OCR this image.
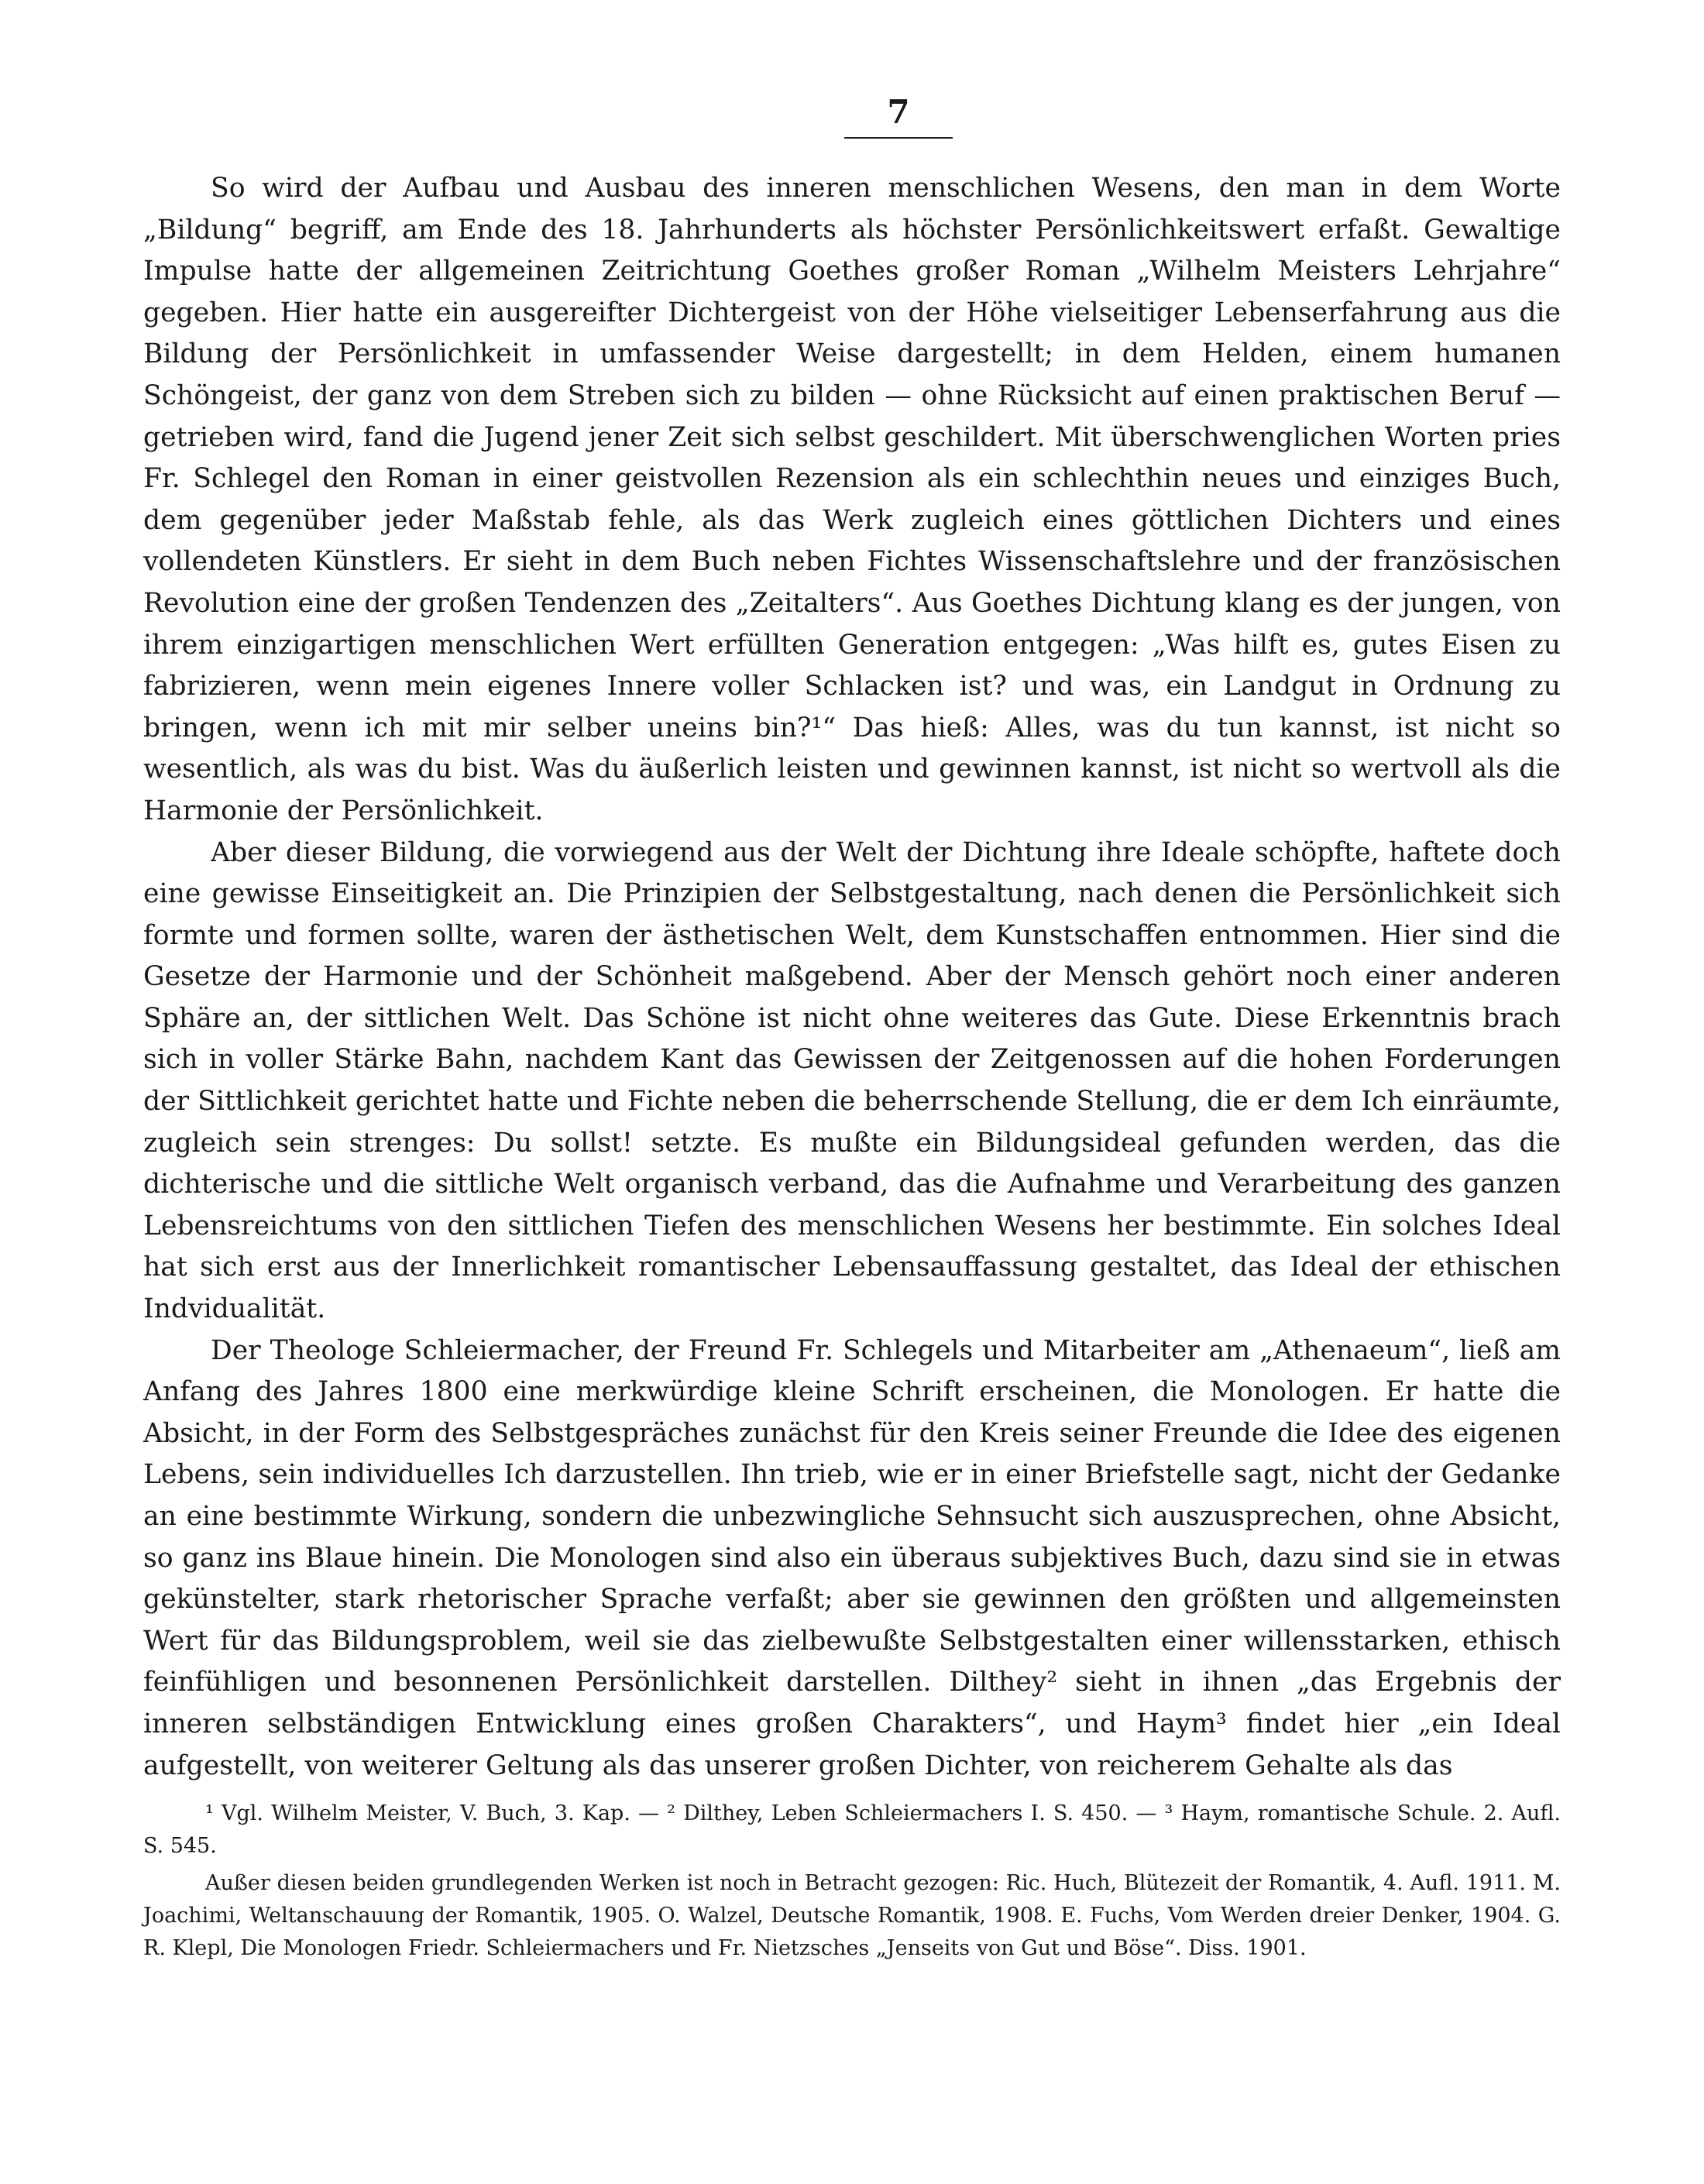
7

So wird der Aufbau und Ausbau des inneren menschlichen Wesens, den man in dem Worte „Bildung“ begriff, am Ende des 18. Jahrhunderts als höchster Persönlichkeitswert erfaßt. Gewaltige Impulse hatte der allgemeinen Zeitrichtung Goethes großer Roman „Wilhelm Meisters Lehrjahre“ gegeben. Hier hatte ein ausgereifter Dichtergeist von der Höhe vielseitiger Lebenserfahrung aus die Bildung der Persönlichkeit in umfassender Weise dargestellt; in dem Helden, einem humanen Schöngeist, der ganz von dem Streben sich zu bilden — ohne Rücksicht auf einen praktischen Beruf — getrieben wird, fand die Jugend jener Zeit sich selbst geschildert. Mit überschwenglichen Worten pries Fr. Schlegel den Roman in einer geistvollen Rezension als ein schlechthin neues und einziges Buch, dem gegenüber jeder Maßstab fehle, als das Werk zugleich eines göttlichen Dichters und eines vollendeten Künstlers. Er sieht in dem Buch neben Fichtes Wissenschaftslehre und der französischen Revolution eine der großen Tendenzen des „Zeitalters“. Aus Goethes Dichtung klang es der jungen, von ihrem einzigartigen menschlichen Wert erfüllten Generation entgegen: „Was hilft es, gutes Eisen zu fabrizieren, wenn mein eigenes Innere voller Schlacken ist? und was, ein Landgut in Ordnung zu bringen, wenn ich mit mir selber uneins bin?¹“ Das hieß: Alles, was du tun kannst, ist nicht so wesentlich, als was du bist. Was du äußerlich leisten und gewinnen kannst, ist nicht so wertvoll als die Harmonie der Persönlichkeit.

Aber dieser Bildung, die vorwiegend aus der Welt der Dichtung ihre Ideale schöpfte, haftete doch eine gewisse Einseitigkeit an. Die Prinzipien der Selbstgestaltung, nach denen die Persönlichkeit sich formte und formen sollte, waren der ästhetischen Welt, dem Kunstschaffen entnommen. Hier sind die Gesetze der Harmonie und der Schönheit maßgebend. Aber der Mensch gehört noch einer anderen Sphäre an, der sittlichen Welt. Das Schöne ist nicht ohne weiteres das Gute. Diese Erkenntnis brach sich in voller Stärke Bahn, nachdem Kant das Gewissen der Zeitgenossen auf die hohen Forderungen der Sittlichkeit gerichtet hatte und Fichte neben die beherrschende Stellung, die er dem Ich einräumte, zugleich sein strenges: Du sollst! setzte. Es mußte ein Bildungsideal gefunden werden, das die dichterische und die sittliche Welt organisch verband, das die Aufnahme und Verarbeitung des ganzen Lebensreichtums von den sittlichen Tiefen des menschlichen Wesens her bestimmte. Ein solches Ideal hat sich erst aus der Innerlichkeit romantischer Lebensauffassung gestaltet, das Ideal der ethischen Indvidualität.

Der Theologe Schleiermacher, der Freund Fr. Schlegels und Mitarbeiter am „Athenaeum“, ließ am Anfang des Jahres 1800 eine merkwürdige kleine Schrift erscheinen, die Monologen. Er hatte die Absicht, in der Form des Selbstgespräches zunächst für den Kreis seiner Freunde die Idee des eigenen Lebens, sein individuelles Ich darzustellen. Ihn trieb, wie er in einer Briefstelle sagt, nicht der Gedanke an eine bestimmte Wirkung, sondern die unbezwingliche Sehnsucht sich auszusprechen, ohne Absicht, so ganz ins Blaue hinein. Die Monologen sind also ein überaus subjektives Buch, dazu sind sie in etwas gekünstelter, stark rhetorischer Sprache verfaßt; aber sie gewinnen den größten und allgemeinsten Wert für das Bildungsproblem, weil sie das zielbewußte Selbstgestalten einer willensstarken, ethisch feinfühligen und besonnenen Persönlichkeit darstellen. Dilthey² sieht in ihnen „das Ergebnis der inneren selbständigen Entwicklung eines großen Charakters“, und Haym³ findet hier „ein Ideal aufgestellt, von weiterer Geltung als das unserer großen Dichter, von reicherem Gehalte als das

¹ Vgl. Wilhelm Meister, V. Buch, 3. Kap. — ² Dilthey, Leben Schleiermachers I. S. 450. — ³ Haym, romantische Schule. 2. Aufl. S. 545.

Außer diesen beiden grundlegenden Werken ist noch in Betracht gezogen: Ric. Huch, Blütezeit der Romantik, 4. Aufl. 1911. M. Joachimi, Weltanschauung der Romantik, 1905. O. Walzel, Deutsche Romantik, 1908. E. Fuchs, Vom Werden dreier Denker, 1904. G. R. Klepl, Die Monologen Friedr. Schleiermachers und Fr. Nietzsches „Jenseits von Gut und Böse“. Diss. 1901.
